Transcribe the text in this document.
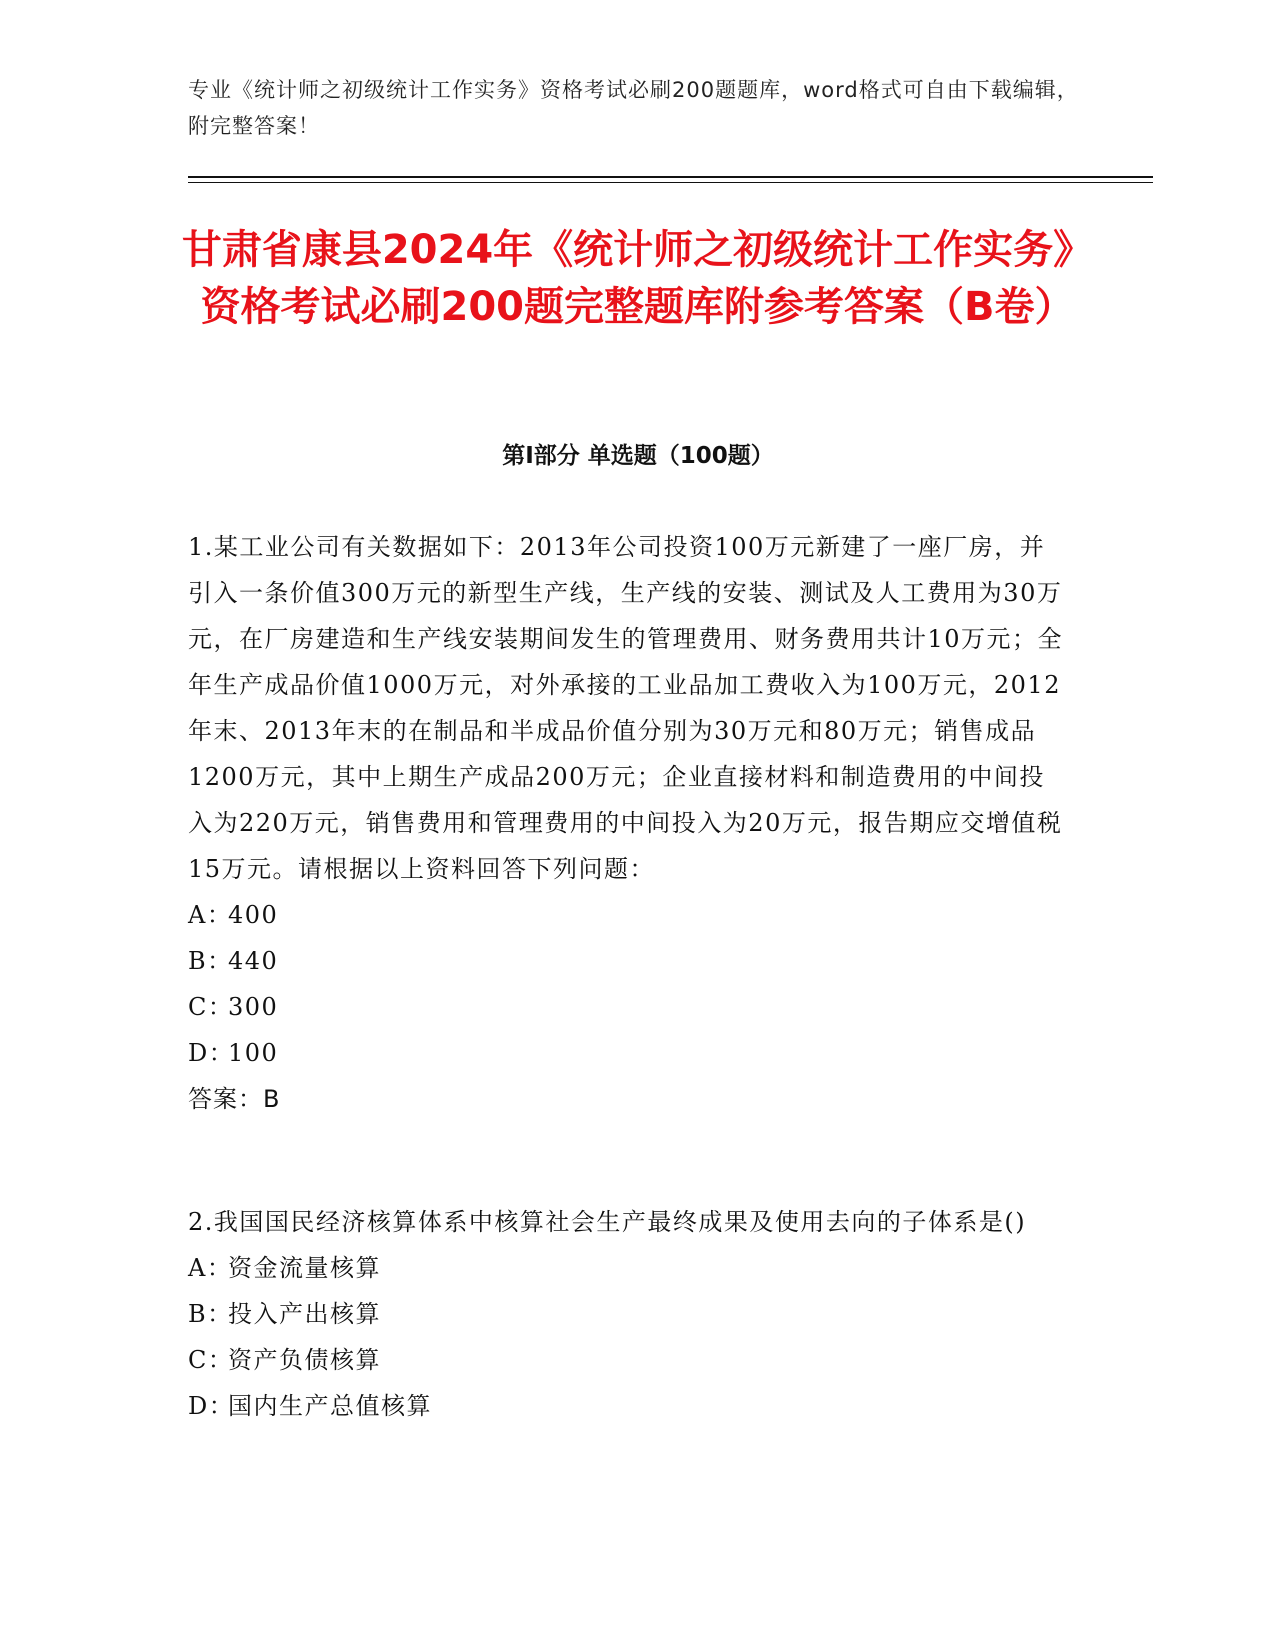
专业《统计师之初级统计工作实务》资格考试必刷200题题库，word格式可自由下载编辑，附完整答案！
甘肃省康县2024年《统计师之初级统计工作实务》资格考试必刷200题完整题库附参考答案（B卷）
第Ⅰ部分 单选题（100题）

1.某工业公司有关数据如下：2013年公司投资100万元新建了一座厂房，并引入一条价值300万元的新型生产线，生产线的安装、测试及人工费用为30万元，在厂房建造和生产线安装期间发生的管理费用、财务费用共计10万元；全年生产成品价值1000万元，对外承接的工业品加工费收入为100万元，2012年末、2013年末的在制品和半成品价值分别为30万元和80万元；销售成品1200万元，其中上期生产成品200万元；企业直接材料和制造费用的中间投入为220万元，销售费用和管理费用的中间投入为20万元，报告期应交增值税15万元。请根据以上资料回答下列问题：

A：400

B：440

C：300

D：100

答案：B

2.我国国民经济核算体系中核算社会生产最终成果及使用去向的子体系是()

A：资金流量核算

B：投入产出核算

C：资产负债核算

D：国内生产总值核算
